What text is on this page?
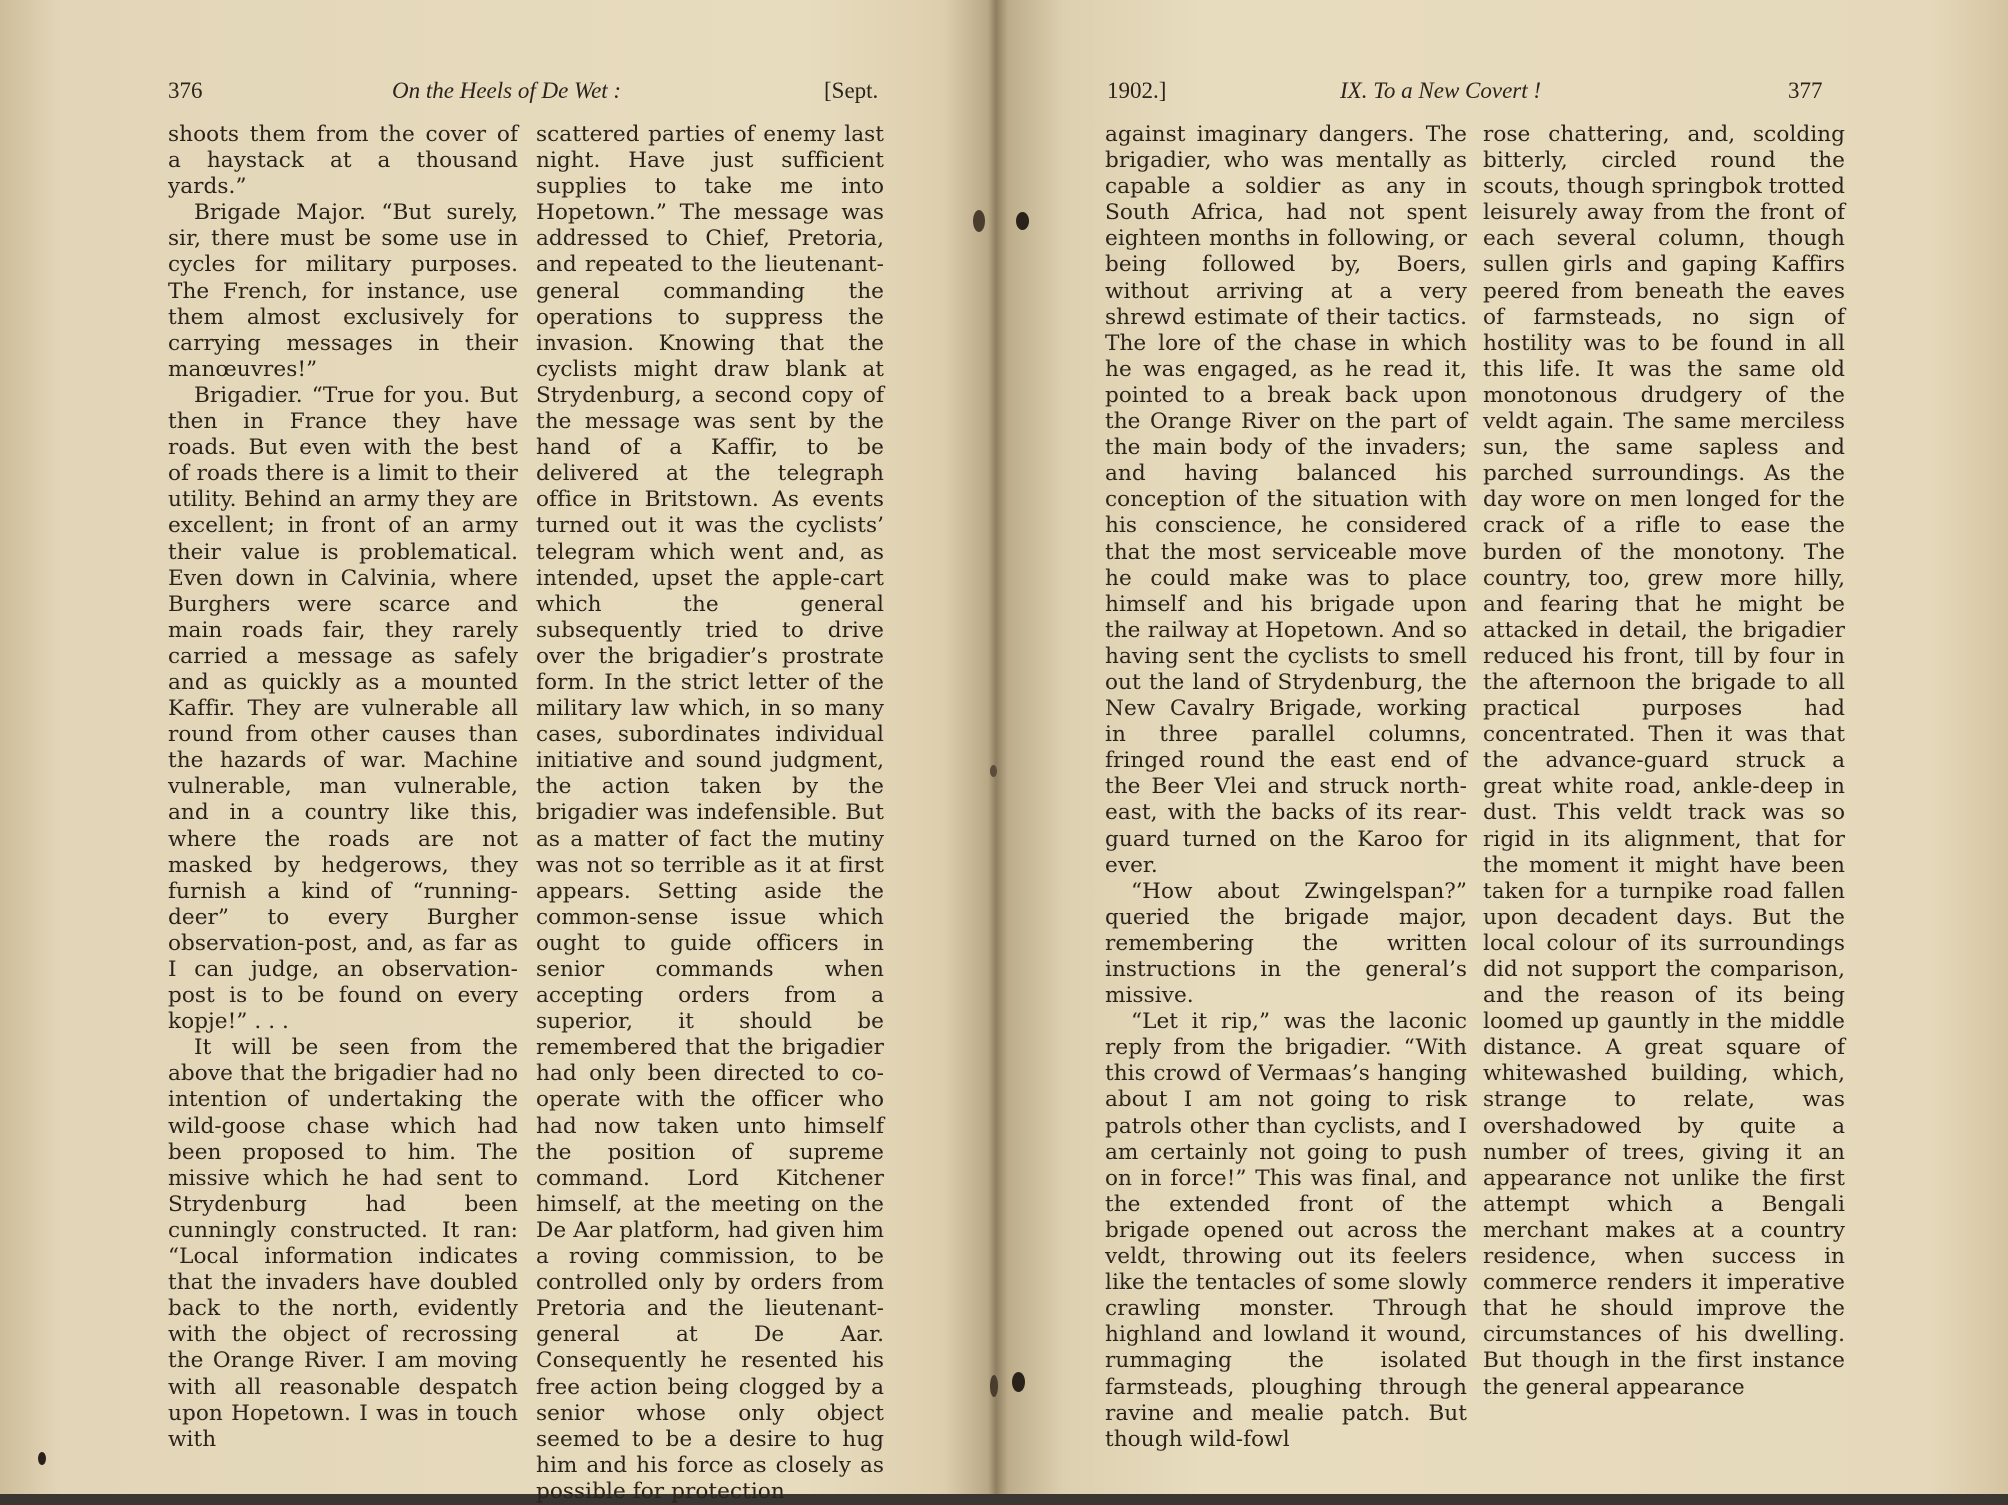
376	On the Heels of De Wet :	[Sept.

shoots them from the cover of a haystack at a thousand yards.”

Brigade Major. “But surely, sir, there must be some use in cycles for military purposes. The French, for instance, use them almost exclusively for carrying messages in their manœuvres!”

Brigadier. “True for you. But then in France they have roads. But even with the best of roads there is a limit to their utility. Behind an army they are excellent; in front of an army their value is problematical. Even down in Calvinia, where Burghers were scarce and main roads fair, they rarely carried a message as safely and as quickly as a mounted Kaffir. They are vulnerable all round from other causes than the hazards of war. Machine vulnerable, man vulnerable, and in a country like this, where the roads are not masked by hedgerows, they furnish a kind of “running-deer” to every Burgher observation-post, and, as far as I can judge, an observation-post is to be found on every kopje!” . . .

It will be seen from the above that the brigadier had no intention of undertaking the wild-goose chase which had been proposed to him. The missive which he had sent to Strydenburg had been cunningly constructed. It ran: “Local information indicates that the invaders have doubled back to the north, evidently with the object of recrossing the Orange River. I am moving with all reasonable despatch upon Hopetown. I was in touch with

scattered parties of enemy last night. Have just sufficient supplies to take me into Hopetown.” The message was addressed to Chief, Pretoria, and repeated to the lieutenant-general commanding the operations to suppress the invasion. Knowing that the cyclists might draw blank at Strydenburg, a second copy of the message was sent by the hand of a Kaffir, to be delivered at the telegraph office in Britstown. As events turned out it was the cyclists’ telegram which went and, as intended, upset the apple-cart which the general subsequently tried to drive over the brigadier’s prostrate form. In the strict letter of the military law which, in so many cases, subordinates individual initiative and sound judgment, the action taken by the brigadier was indefensible. But as a matter of fact the mutiny was not so terrible as it at first appears. Setting aside the common-sense issue which ought to guide officers in senior commands when accepting orders from a superior, it should be remembered that the brigadier had only been directed to co-operate with the officer who had now taken unto himself the position of supreme command. Lord Kitchener himself, at the meeting on the De Aar platform, had given him a roving commission, to be controlled only by orders from Pretoria and the lieutenant-general at De Aar. Consequently he resented his free action being clogged by a senior whose only object seemed to be a desire to hug him and his force as closely as possible for protection

1902.]	IX. To a New Covert !	377

against imaginary dangers. The brigadier, who was mentally as capable a soldier as any in South Africa, had not spent eighteen months in following, or being followed by, Boers, without arriving at a very shrewd estimate of their tactics. The lore of the chase in which he was engaged, as he read it, pointed to a break back upon the Orange River on the part of the main body of the invaders; and having balanced his conception of the situation with his conscience, he considered that the most serviceable move he could make was to place himself and his brigade upon the railway at Hopetown. And so having sent the cyclists to smell out the land of Strydenburg, the New Cavalry Brigade, working in three parallel columns, fringed round the east end of the Beer Vlei and struck north-east, with the backs of its rear-guard turned on the Karoo for ever.

“How about Zwingelspan?” queried the brigade major, remembering the written instructions in the general’s missive.

“Let it rip,” was the laconic reply from the brigadier. “With this crowd of Vermaas’s hanging about I am not going to risk patrols other than cyclists, and I am certainly not going to push on in force!” This was final, and the extended front of the brigade opened out across the veldt, throwing out its feelers like the tentacles of some slowly crawling monster. Through highland and lowland it wound, rummaging the isolated farmsteads, ploughing through ravine and mealie patch. But though wild-fowl

rose chattering, and, scolding bitterly, circled round the scouts, though springbok trotted leisurely away from the front of each several column, though sullen girls and gaping Kaffirs peered from beneath the eaves of farmsteads, no sign of hostility was to be found in all this life. It was the same old monotonous drudgery of the veldt again. The same merciless sun, the same sapless and parched surroundings. As the day wore on men longed for the crack of a rifle to ease the burden of the monotony. The country, too, grew more hilly, and fearing that he might be attacked in detail, the brigadier reduced his front, till by four in the afternoon the brigade to all practical purposes had concentrated. Then it was that the advance-guard struck a great white road, ankle-deep in dust. This veldt track was so rigid in its alignment, that for the moment it might have been taken for a turnpike road fallen upon decadent days. But the local colour of its surroundings did not support the comparison, and the reason of its being loomed up gauntly in the middle distance. A great square of whitewashed building, which, strange to relate, was overshadowed by quite a number of trees, giving it an appearance not unlike the first attempt which a Bengali merchant makes at a country residence, when success in commerce renders it imperative that he should improve the circumstances of his dwelling. But though in the first instance the general appearance
